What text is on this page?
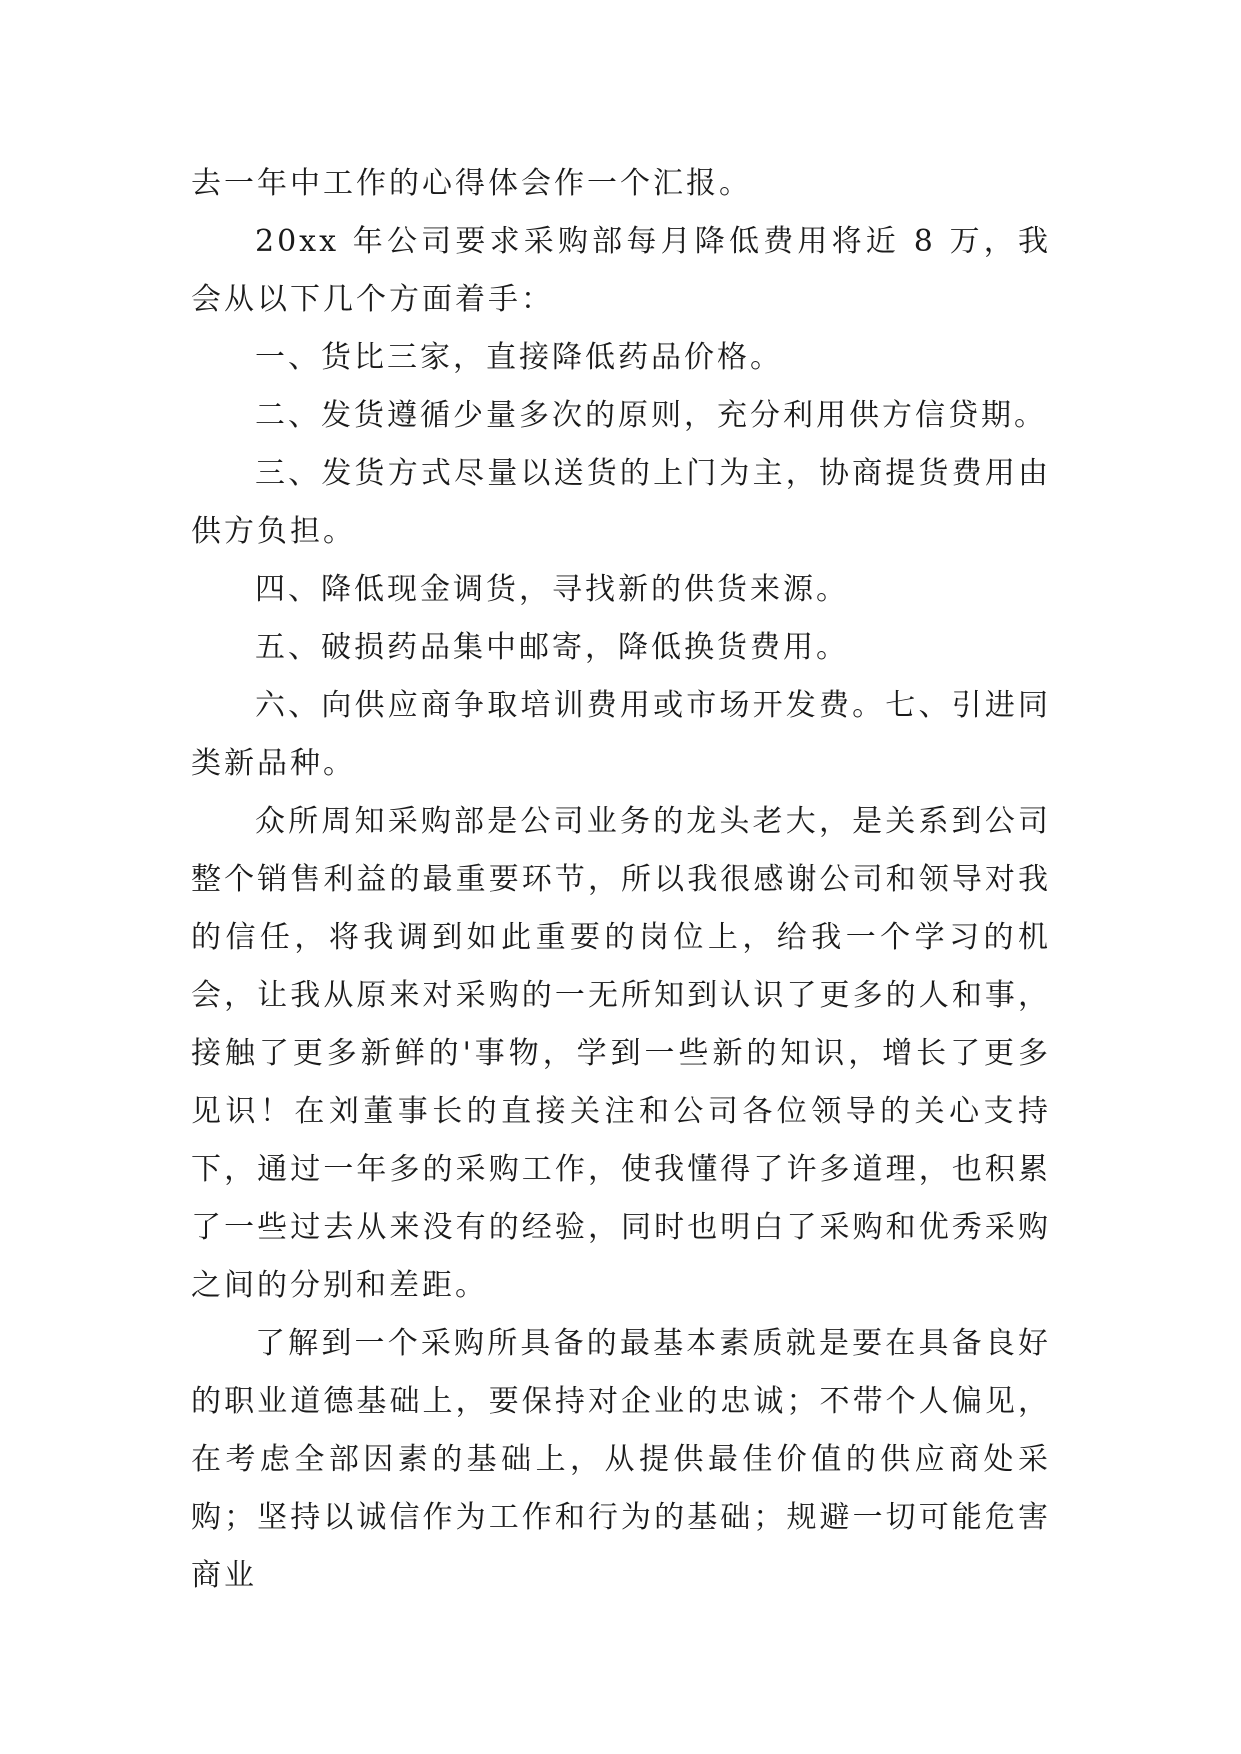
去一年中工作的心得体会作一个汇报。

20xx 年公司要求采购部每月降低费用将近 8 万，我会从以下几个方面着手：

一、货比三家，直接降低药品价格。

二、发货遵循少量多次的原则，充分利用供方信贷期。

三、发货方式尽量以送货的上门为主，协商提货费用由供方负担。

四、降低现金调货，寻找新的供货来源。

五、破损药品集中邮寄，降低换货费用。

六、向供应商争取培训费用或市场开发费。七、引进同类新品种。

众所周知采购部是公司业务的龙头老大，是关系到公司整个销售利益的最重要环节，所以我很感谢公司和领导对我的信任，将我调到如此重要的岗位上，给我一个学习的机会，让我从原来对采购的一无所知到认识了更多的人和事，接触了更多新鲜的'事物，学到一些新的知识，增长了更多见识！在刘董事长的直接关注和公司各位领导的关心支持下，通过一年多的采购工作，使我懂得了许多道理，也积累了一些过去从来没有的经验，同时也明白了采购和优秀采购之间的分别和差距。

了解到一个采购所具备的最基本素质就是要在具备良好的职业道德基础上，要保持对企业的忠诚；不带个人偏见，在考虑全部因素的基础上，从提供最佳价值的供应商处采购；坚持以诚信作为工作和行为的基础；规避一切可能危害商业
